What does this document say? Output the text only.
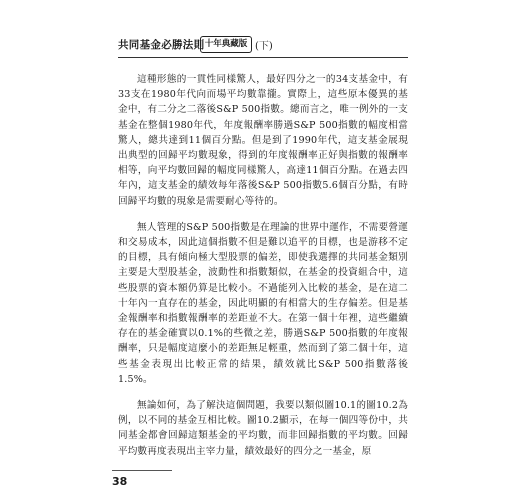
共同基金必勝法則 十年典藏版 (下)

這種形態的一貫性同樣驚人，最好四分之一的34支基金中，有33支在1980年代向而場平均數靠攏。實際上，這些原本優異的基金中，有二分之二落後S&P 500指數。總而言之，唯一例外的一支基金在整個1980年代，年度報酬率勝過S&P 500指數的幅度相當驚人，總共達到11個百分點。但是到了1990年代，這支基金展現出典型的回歸平均數現象，得到的年度報酬率正好與指數的報酬率相等，向平均數回歸的幅度同樣驚人，高達11個百分點。在過去四年內，這支基金的績效每年落後S&P 500指數5.6個百分點，有時回歸平均數的現象是需要耐心等待的。

無人管理的S&P 500指數是在理論的世界中運作，不需要營運和交易成本，因此這個指數不但是難以追平的目標，也是游移不定的目標，具有傾向極大型股票的偏差，即使我選擇的共同基金類別主要是大型股基金，波動性和指數類似，在基金的投資組合中，這些股票的資本額仍算是比較小。不過能列入比較的基金，是在這二十年內一直存在的基金，因此明顯的有相當大的生存偏差。但是基金報酬率和指數報酬率的差距並不大。在第一個十年裡，這些繼續存在的基金確實以0.1%的些微之差，勝過S&P 500指數的年度報酬率，只是幅度這麼小的差距無足輕重，然而到了第二個十年，這些基金表現出比較正常的結果，績效就比S&P 500指數落後1.5%。

無論如何，為了解決這個問題，我要以類似圖10.1的圖10.2為例，以不同的基金互相比較。圖10.2顯示，在每一個四等份中，共同基金都會回歸這類基金的平均數，而非回歸指數的平均數。回歸平均數再度表現出主宰力量，績效最好的四分之一基金，原

38
